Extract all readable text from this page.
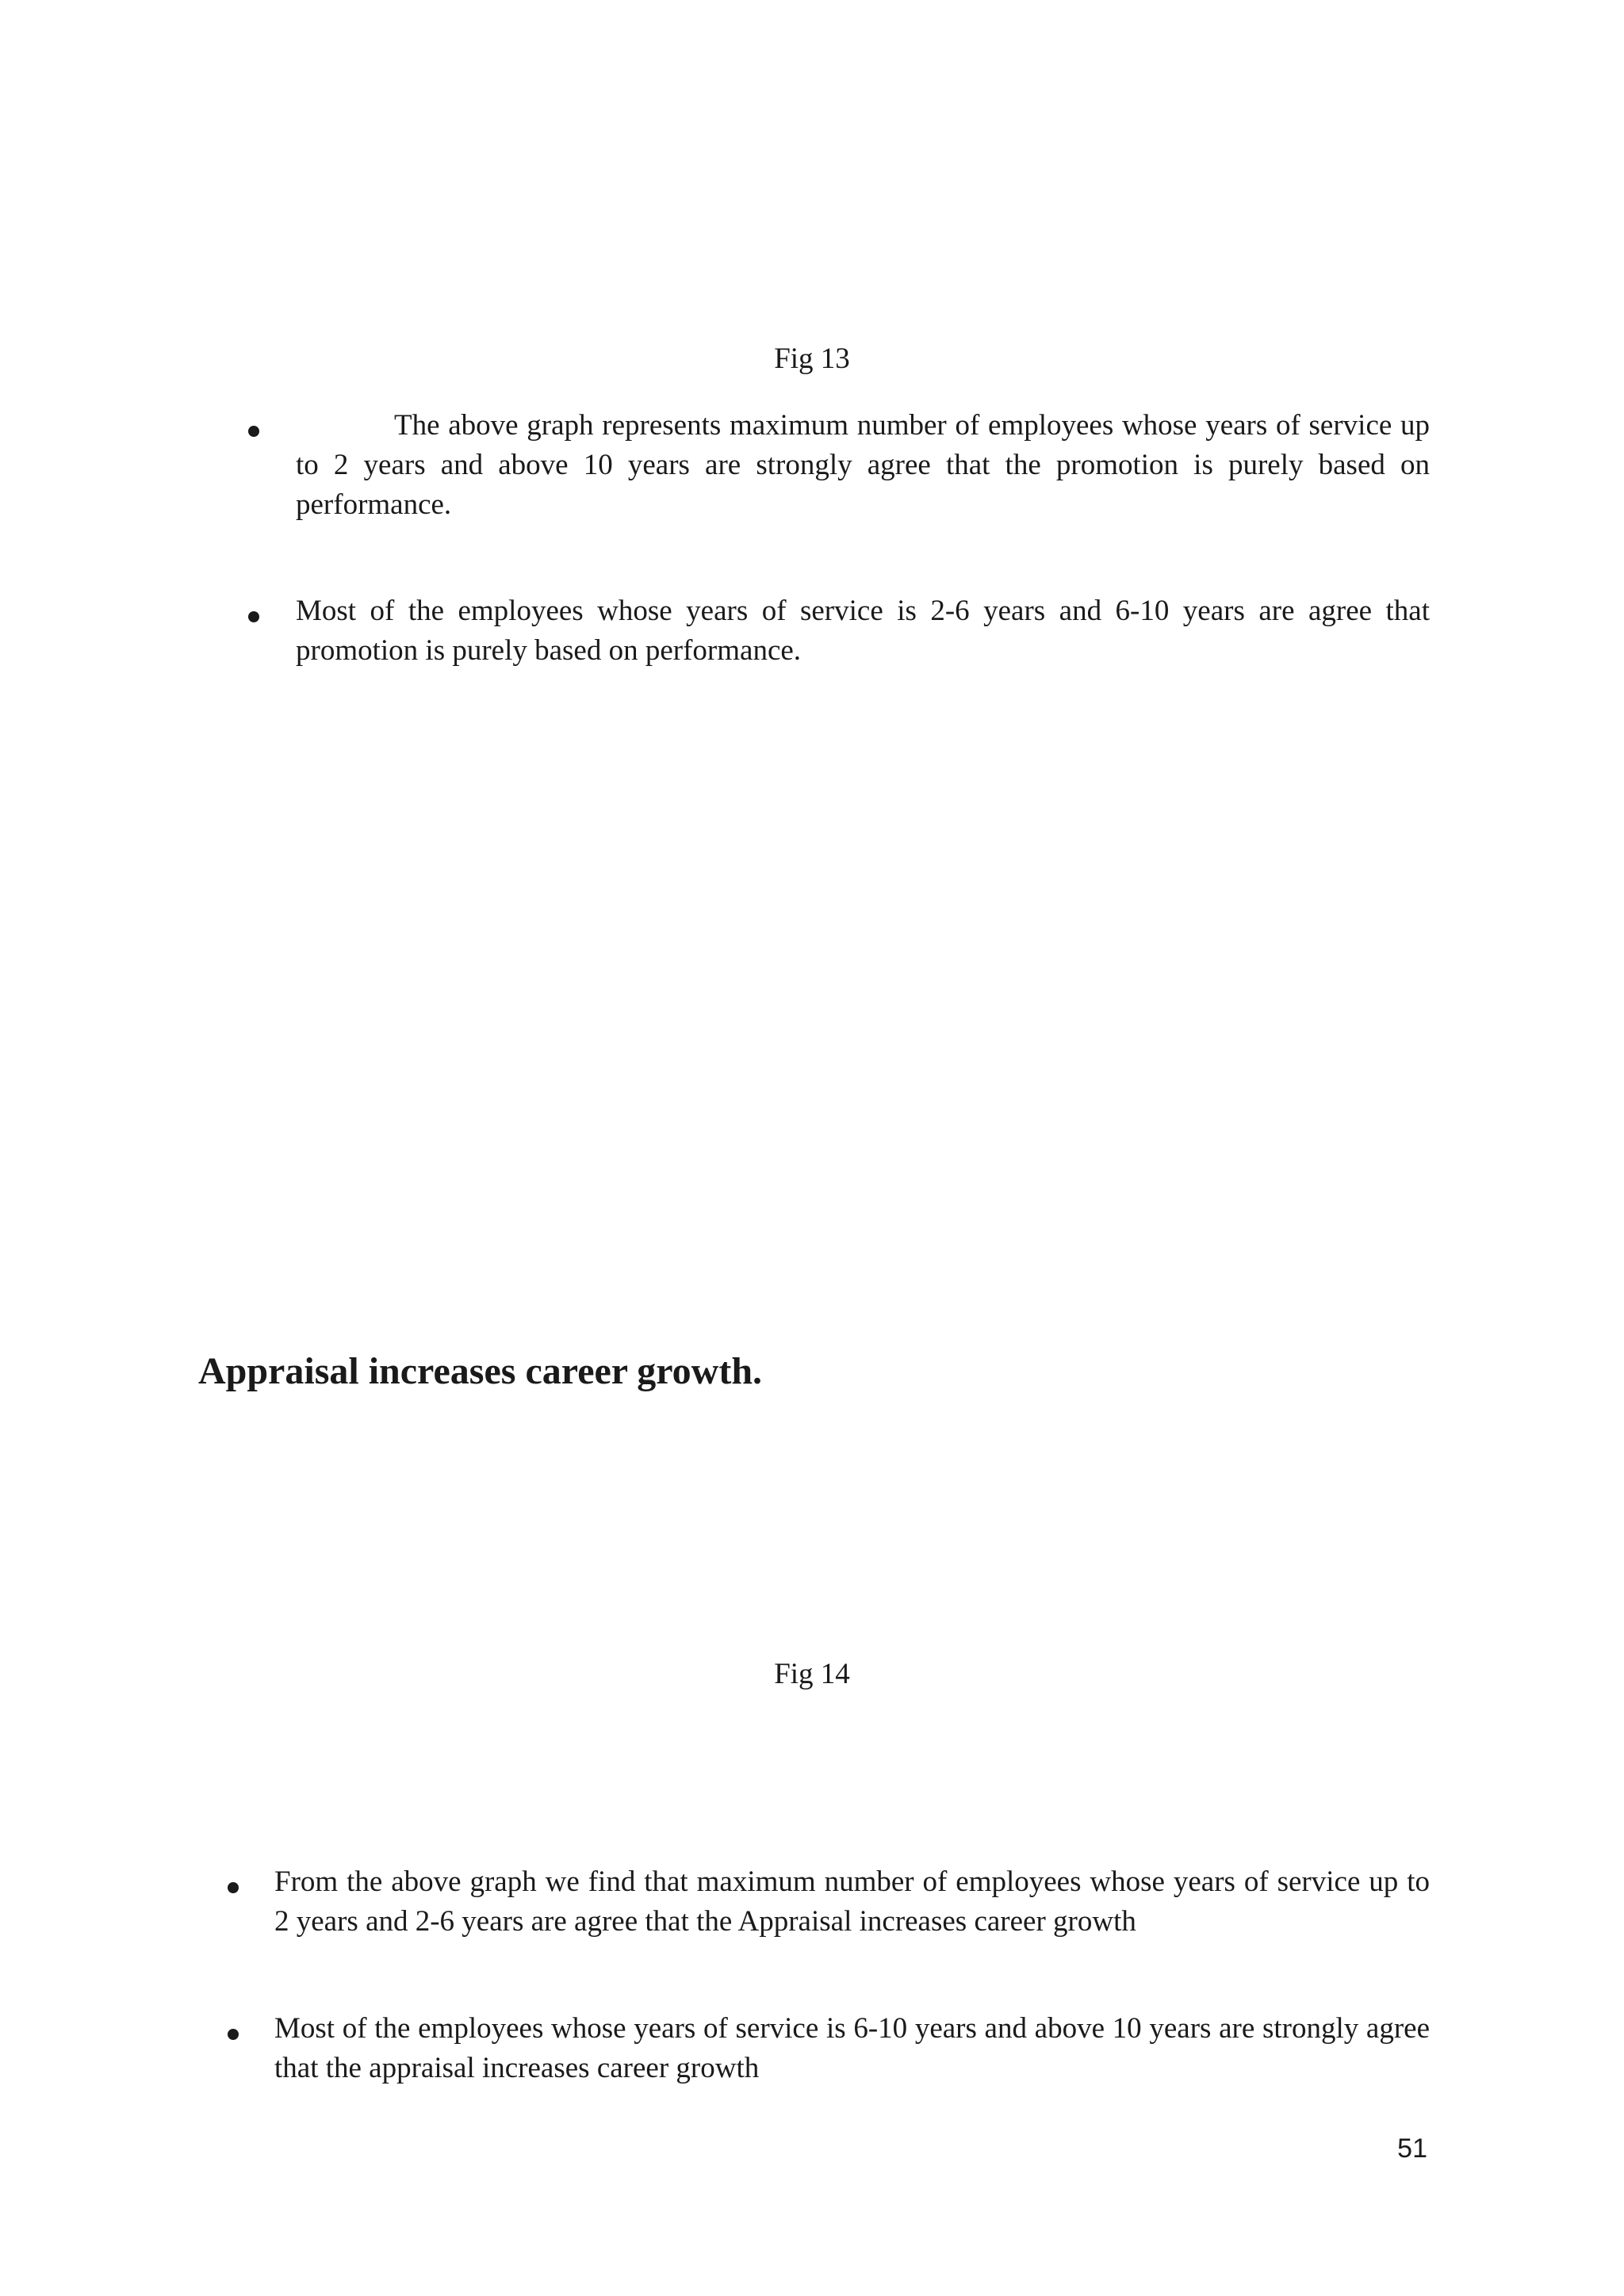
Fig 13
The above graph represents maximum number of employees whose years of service up to 2 years and above 10 years are strongly agree that the promotion is purely based on performance.
Most of the employees whose years of service is 2-6 years and 6-10 years are agree that promotion is purely based on performance.
Appraisal increases career growth.
Fig 14
From the above graph we find that maximum number of employees whose years of service up to 2 years and 2-6 years are agree that the Appraisal increases career growth
Most of the employees whose years of service is 6-10 years and above 10 years are strongly agree that the appraisal increases career growth
51
